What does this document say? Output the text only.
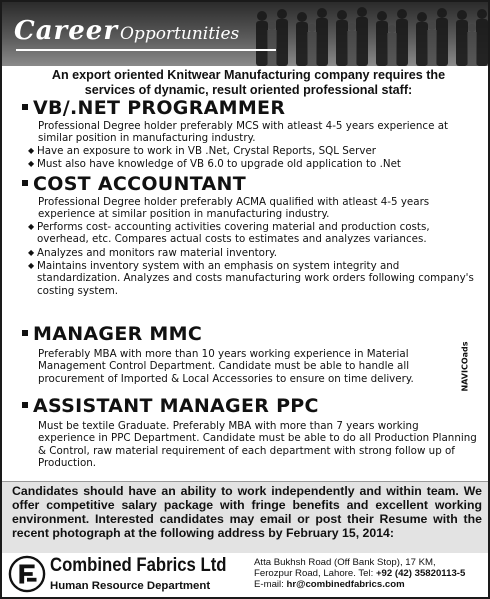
Career Opportunities
An export oriented Knitwear Manufacturing company requires the services of dynamic, result oriented professional staff:
VB/.NET PROGRAMMER
Professional Degree holder preferably MCS with atleast 4-5 years experience at similar position in manufacturing industry.
◆ Have an exposure to work in VB .Net, Crystal Reports, SQL Server
◆ Must also have knowledge of VB 6.0 to upgrade old application to .Net
COST ACCOUNTANT
Professional Degree holder preferably ACMA qualified with atleast 4-5 years experience at similar position in manufacturing industry.
◆ Performs cost- accounting activities covering material and production costs, overhead, etc. Compares actual costs to estimates and analyzes variances.
◆ Analyzes and monitors raw material inventory.
◆ Maintains inventory system with an emphasis on system integrity and standardization. Analyzes and costs manufacturing work orders following company's costing system.
MANAGER MMC
Preferably MBA with more than 10 years working experience in Material Management Control Department. Candidate must be able to handle all procurement of Imported & Local Accessories to ensure on time delivery.
ASSISTANT MANAGER PPC
Must be textile Graduate. Preferably MBA with more than 7 years working experience in PPC Department. Candidate must be able to do all Production Planning & Control, raw material requirement of each department with strong follow up of Production.
NAVICOads
Candidates should have an ability to work independently and within team. We offer competitive salary package with fringe benefits and excellent working environment. Interested candidates may email or post their Resume with the recent photograph at the following address by February 15, 2014:
Combined Fabrics Ltd
Human Resource Department
Atta Bukhsh Road (Off Bank Stop), 17 KM,
Ferozpur Road, Lahore. Tel: +92 (42) 35820113-5
E-mail: hr@combinedfabrics.com
